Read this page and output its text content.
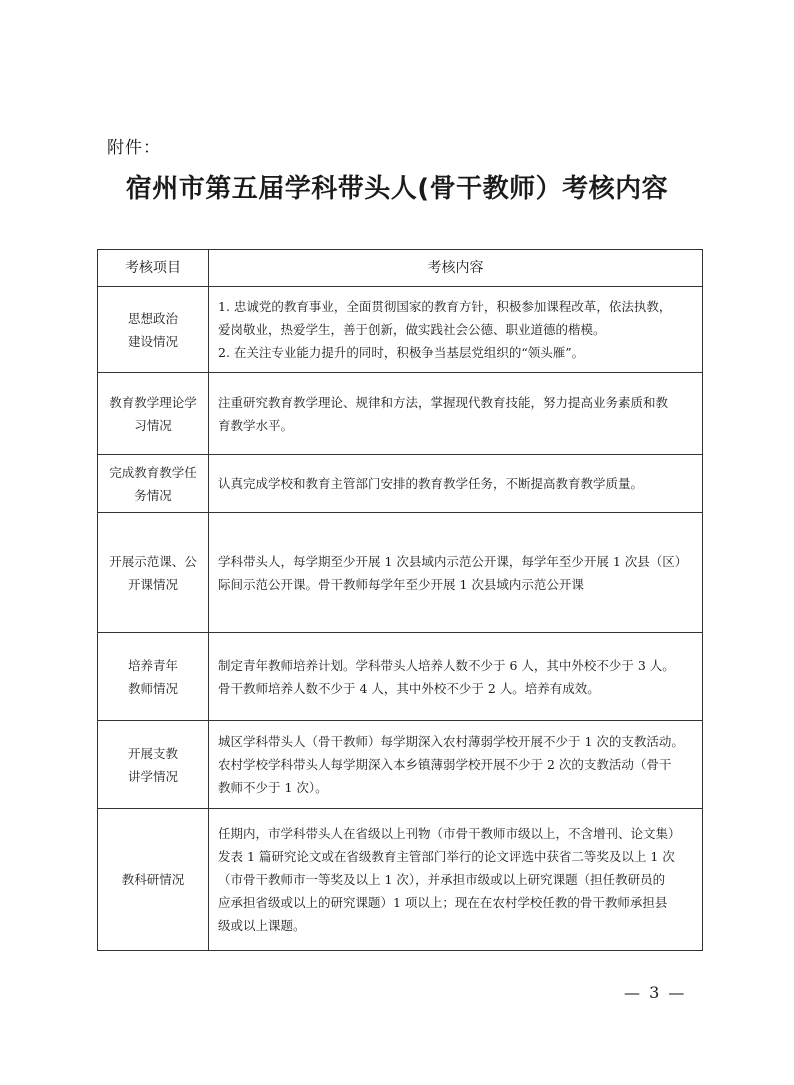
附件：
宿州市第五届学科带头人(骨干教师）考核内容
考核项目	考核内容

思想政治
建设情况	1. 忠诚党的教育事业，全面贯彻国家的教育方针，积极参加课程改革，依法执教，
爱岗敬业，热爱学生，善于创新，做实践社会公德、职业道德的楷模。
2. 在关注专业能力提升的同时，积极争当基层党组织的“领头雁”。

教育教学理论学
习情况	注重研究教育教学理论、规律和方法，掌握现代教育技能，努力提高业务素质和教
育教学水平。

完成教育教学任
务情况	认真完成学校和教育主管部门安排的教育教学任务，不断提高教育教学质量。

开展示范课、公
开课情况	学科带头人，每学期至少开展 1 次县域内示范公开课，每学年至少开展 1 次县（区）
际间示范公开课。骨干教师每学年至少开展 1 次县域内示范公开课

培养青年
教师情况	制定青年教师培养计划。学科带头人培养人数不少于 6 人，其中外校不少于 3 人。
骨干教师培养人数不少于 4 人，其中外校不少于 2 人。培养有成效。

开展支教
讲学情况	城区学科带头人（骨干教师）每学期深入农村薄弱学校开展不少于 1 次的支教活动。
农村学校学科带头人每学期深入本乡镇薄弱学校开展不少于 2 次的支教活动（骨干
教师不少于 1 次）。

教科研情况	任期内，市学科带头人在省级以上刊物（市骨干教师市级以上，不含增刊、论文集）
发表 1 篇研究论文或在省级教育主管部门举行的论文评选中获省二等奖及以上 1 次
（市骨干教师市一等奖及以上 1 次），并承担市级或以上研究课题（担任教研员的
应承担省级或以上的研究课题）1 项以上；现在在农村学校任教的骨干教师承担县
级或以上课题。
— 3 —
